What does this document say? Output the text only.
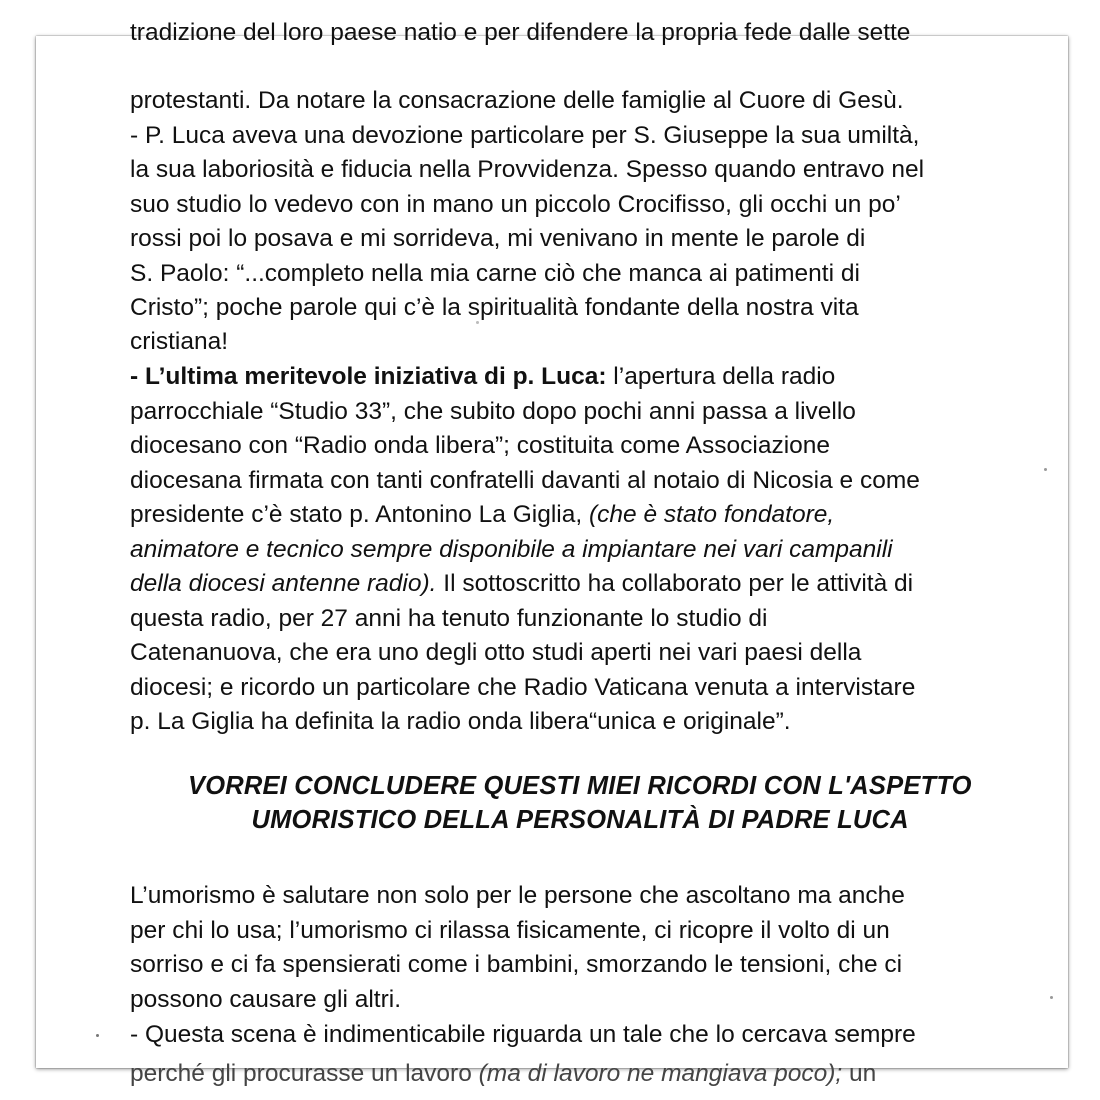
tradizione del loro paese natio e per difendere la propria fede dalle sette
protestanti. Da notare la consacrazione delle famiglie al Cuore di Gesù.
- P. Luca aveva una devozione particolare per S. Giuseppe la sua umiltà,
la sua laboriosità e fiducia nella Provvidenza. Spesso quando entravo nel
suo studio lo vedevo con in mano un piccolo Crocifisso, gli occhi un po’
rossi poi lo posava e mi sorrideva, mi venivano in mente le parole di
S. Paolo: “...completo nella mia carne ciò che manca ai patimenti di
Cristo”; poche parole qui c’è la spiritualità fondante della nostra vita
cristiana!
- L’ultima meritevole iniziativa di p. Luca: l’apertura della radio
parrocchiale “Studio 33”, che subito dopo pochi anni passa a livello
diocesano con “Radio onda libera”; costituita come Associazione
diocesana firmata con tanti confratelli davanti al notaio di Nicosia e come
presidente c’è stato p. Antonino La Giglia, (che è stato fondatore,
animatore e tecnico sempre disponibile a impiantare nei vari campanili
della diocesi antenne radio). Il sottoscritto ha collaborato per le attività di
questa radio, per 27 anni ha tenuto funzionante lo studio di
Catenanuova, che era uno degli otto studi aperti nei vari paesi della
diocesi; e ricordo un particolare che Radio Vaticana venuta a intervistare
p. La Giglia ha definita la radio onda libera“unica e originale”.
VORREI CONCLUDERE QUESTI MIEI RICORDI CON L'ASPETTO
UMORISTICO DELLA PERSONALITÀ DI PADRE LUCA
L’umorismo è salutare non solo per le persone che ascoltano ma anche
per chi lo usa; l’umorismo ci rilassa fisicamente, ci ricopre il volto di un
sorriso e ci fa spensierati come i bambini, smorzando le tensioni, che ci
possono causare gli altri.
- Questa scena è indimenticabile riguarda un tale che lo cercava sempre
perché gli procurasse un lavoro (ma di lavoro ne mangiava poco); un
